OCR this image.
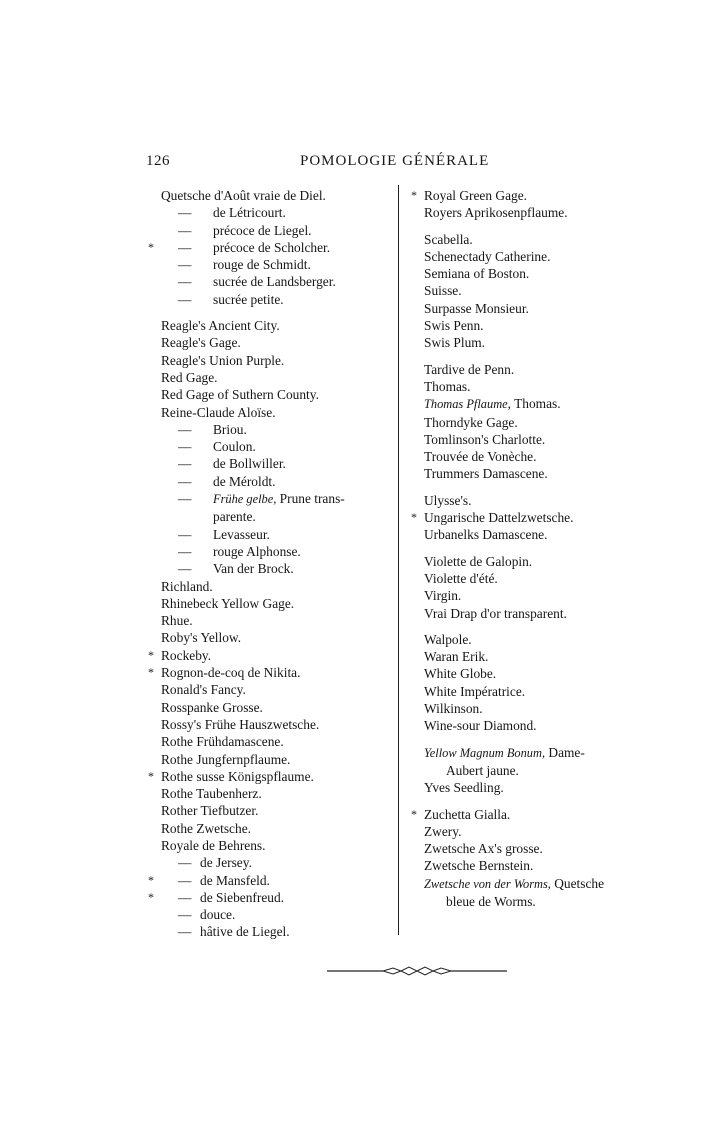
126	POMOLOGIE GÉNÉRALE
Quetsche d'Août vraie de Diel.
— de Létricourt.
— précoce de Liegel.
* — précoce de Scholcher.
— rouge de Schmidt.
— sucrée de Landsberger.
— sucrée petite.
Reagle's Ancient City.
Reagle's Gage.
Reagle's Union Purple.
Red Gage.
Red Gage of Suthern County.
Reine-Claude Aloïse.
— Briou.
— Coulon.
— de Bollwiller.
— de Méroldt.
— Frühe gelbe, Prune trans-
parente.
— Levasseur.
— rouge Alphonse.
— Van der Brock.
Richland.
Rhinebeck Yellow Gage.
Rhue.
Roby's Yellow.
* Rockeby.
* Rognon-de-coq de Nikita.
Ronald's Fancy.
Rosspanke Grosse.
Rossy's Frühe Hauszwetsche.
Rothe Frühdamascene.
Rothe Jungfernpflaume.
* Rothe susse Königspflaume.
Rothe Taubenherz.
Rother Tiefbutzer.
Rothe Zwetsche.
Royale de Behrens.
— de Jersey.
* — de Mansfeld.
* — de Siebenfreud.
— douce.
— hâtive de Liegel.
* Royal Green Gage.
Royers Aprikosenpflaume.
Scabella.
Schenectady Catherine.
Semiana of Boston.
Suisse.
Surpasse Monsieur.
Swis Penn.
Swis Plum.
Tardive de Penn.
Thomas.
Thomas Pflaume, Thomas.
Thorndyke Gage.
Tomlinson's Charlotte.
Trouvée de Vonèche.
Trummers Damascene.
Ulysse's.
* Ungarische Dattelzwetsche.
Urbanelks Damascene.
Violette de Galopin.
Violette d'été.
Virgin.
Vrai Drap d'or transparent.
Walpole.
Waran Erik.
White Globe.
White Impératrice.
Wilkinson.
Wine-sour Diamond.
Yellow Magnum Bonum, Dame-
Aubert jaune.
Yves Seedling.
* Zuchetta Gialla.
Zwery.
Zwetsche Ax's grosse.
Zwetsche Bernstein.
Zwetsche von der Worms, Quetsche
bleue de Worms.
